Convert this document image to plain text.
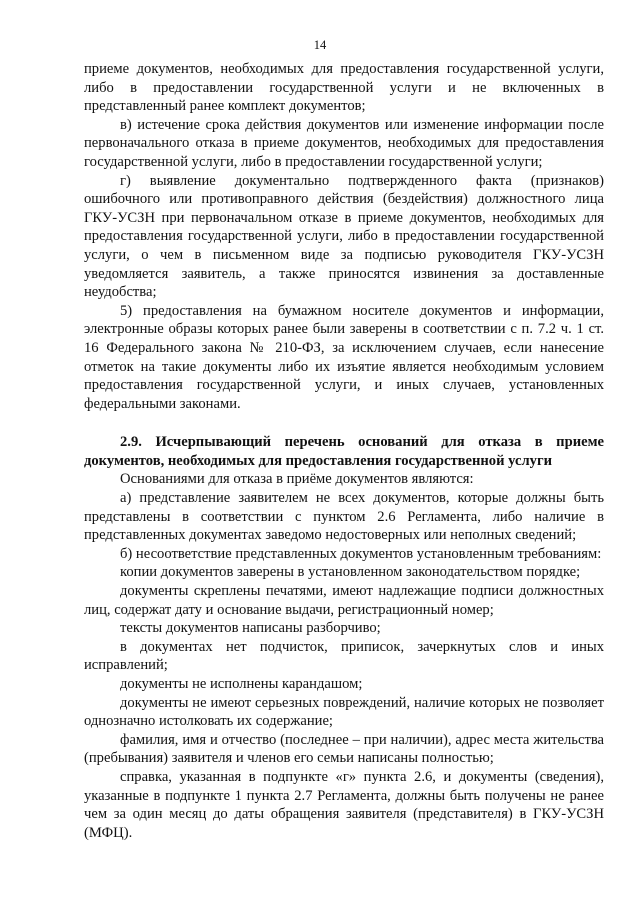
14

приеме документов, необходимых для предоставления государственной услуги, либо в предоставлении государственной услуги и не включенных в представленный ранее комплект документов;

в) истечение срока действия документов или изменение информации после первоначального отказа в приеме документов, необходимых для предоставления государственной услуги, либо в предоставлении государственной услуги;

г) выявление документально подтвержденного факта (признаков) ошибочного или противоправного действия (бездействия) должностного лица ГКУ-УСЗН при первоначальном отказе в приеме документов, необходимых для предоставления государственной услуги, либо в предоставлении государственной услуги, о чем в письменном виде за подписью руководителя ГКУ-УСЗН уведомляется заявитель, а также приносятся извинения за доставленные неудобства;

5) предоставления на бумажном носителе документов и информации, электронные образы которых ранее были заверены в соответствии с п. 7.2 ч. 1 ст. 16 Федерального закона № 210-ФЗ, за исключением случаев, если нанесение отметок на такие документы либо их изъятие является необходимым условием предоставления государственной услуги, и иных случаев, установленных федеральными законами.

2.9. Исчерпывающий перечень оснований для отказа в приеме документов, необходимых для предоставления государственной услуги

Основаниями для отказа в приёме документов являются:

а) представление заявителем не всех документов, которые должны быть представлены в соответствии с пунктом 2.6 Регламента, либо наличие в представленных документах заведомо недостоверных или неполных сведений;

б) несоответствие представленных документов установленным требованиям:

копии документов заверены в установленном законодательством порядке;

документы скреплены печатями, имеют надлежащие подписи должностных лиц, содержат дату и основание выдачи, регистрационный номер;

тексты документов написаны разборчиво;

в документах нет подчисток, приписок, зачеркнутых слов и иных исправлений;

документы не исполнены карандашом;

документы не имеют серьезных повреждений, наличие которых не позволяет однозначно истолковать их содержание;

фамилия, имя и отчество (последнее – при наличии), адрес места жительства (пребывания) заявителя и членов его семьи написаны полностью;

справка, указанная в подпункте «г» пункта 2.6, и документы (сведения), указанные в подпункте 1 пункта 2.7 Регламента, должны быть получены не ранее чем за один месяц до даты обращения заявителя (представителя) в ГКУ-УСЗН (МФЦ).
